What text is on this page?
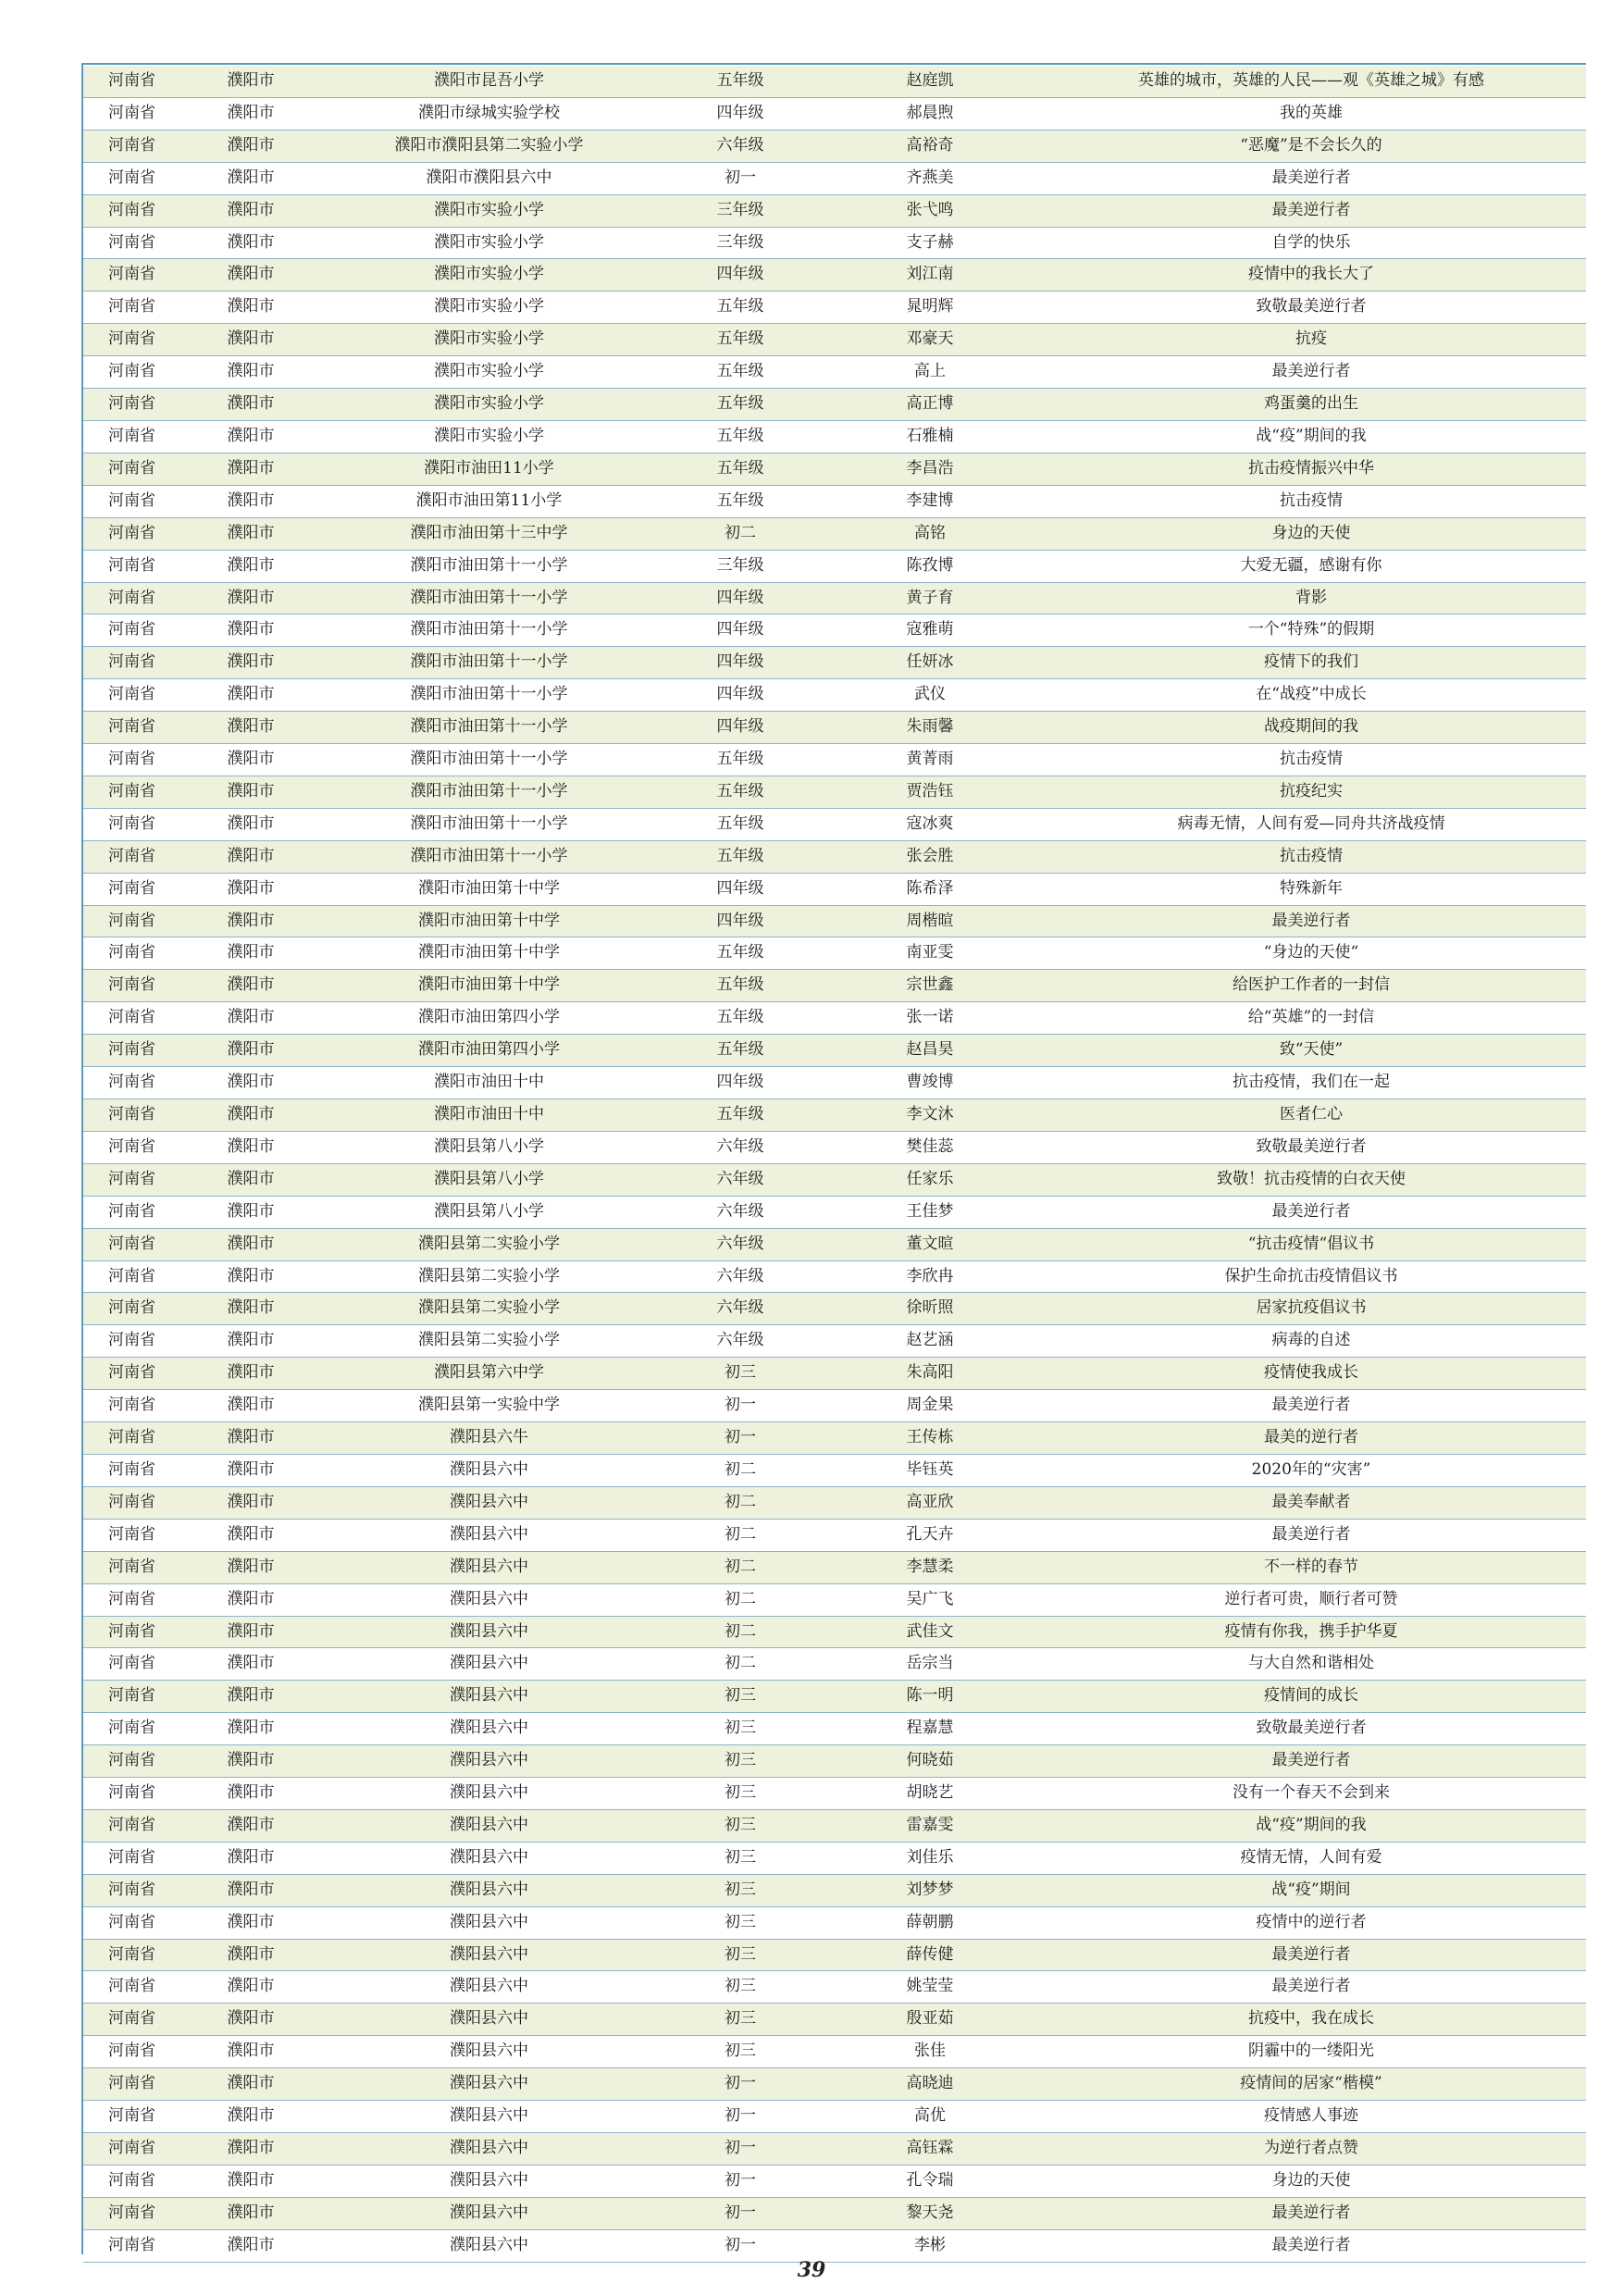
河南省	濮阳市	濮阳市昆吾小学	五年级	赵庭凯	英雄的城市，英雄的人民——观《英雄之城》有感
河南省	濮阳市	濮阳市绿城实验学校	四年级	郝晨煦	我的英雄
河南省	濮阳市	濮阳市濮阳县第二实验小学	六年级	高裕奇	“恶魔”是不会长久的
河南省	濮阳市	濮阳市濮阳县六中	初一	齐燕美	最美逆行者
河南省	濮阳市	濮阳市实验小学	三年级	张弋鸣	最美逆行者
河南省	濮阳市	濮阳市实验小学	三年级	支子赫	自学的快乐
河南省	濮阳市	濮阳市实验小学	四年级	刘江南	疫情中的我长大了
河南省	濮阳市	濮阳市实验小学	五年级	晁明辉	致敬最美逆行者
河南省	濮阳市	濮阳市实验小学	五年级	邓豪天	抗疫
河南省	濮阳市	濮阳市实验小学	五年级	高上	最美逆行者
河南省	濮阳市	濮阳市实验小学	五年级	高正博	鸡蛋羹的出生
河南省	濮阳市	濮阳市实验小学	五年级	石雅楠	战“疫”期间的我
河南省	濮阳市	濮阳市油田11小学	五年级	李昌浩	抗击疫情振兴中华
河南省	濮阳市	濮阳市油田第11小学	五年级	李建博	抗击疫情
河南省	濮阳市	濮阳市油田第十三中学	初二	高铭	身边的天使
河南省	濮阳市	濮阳市油田第十一小学	三年级	陈孜博	大爱无疆，感谢有你
河南省	濮阳市	濮阳市油田第十一小学	四年级	黄子育	背影
河南省	濮阳市	濮阳市油田第十一小学	四年级	寇雅萌	一个“特殊”的假期
河南省	濮阳市	濮阳市油田第十一小学	四年级	任妍冰	疫情下的我们
河南省	濮阳市	濮阳市油田第十一小学	四年级	武仪	在“战疫”中成长
河南省	濮阳市	濮阳市油田第十一小学	四年级	朱雨馨	战疫期间的我
河南省	濮阳市	濮阳市油田第十一小学	五年级	黄菁雨	抗击疫情
河南省	濮阳市	濮阳市油田第十一小学	五年级	贾浩钰	抗疫纪实
河南省	濮阳市	濮阳市油田第十一小学	五年级	寇冰爽	病毒无情，人间有爱—同舟共济战疫情
河南省	濮阳市	濮阳市油田第十一小学	五年级	张会胜	抗击疫情
河南省	濮阳市	濮阳市油田第十中学	四年级	陈希泽	特殊新年
河南省	濮阳市	濮阳市油田第十中学	四年级	周楷暄	最美逆行者
河南省	濮阳市	濮阳市油田第十中学	五年级	南亚雯	“身边的天使“
河南省	濮阳市	濮阳市油田第十中学	五年级	宗世鑫	给医护工作者的一封信
河南省	濮阳市	濮阳市油田第四小学	五年级	张一诺	给“英雄”的一封信
河南省	濮阳市	濮阳市油田第四小学	五年级	赵昌昊	致“天使”
河南省	濮阳市	濮阳市油田十中	四年级	曹竣博	抗击疫情，我们在一起
河南省	濮阳市	濮阳市油田十中	五年级	李文沐	医者仁心
河南省	濮阳市	濮阳县第八小学	六年级	樊佳蕊	致敬最美逆行者
河南省	濮阳市	濮阳县第八小学	六年级	任家乐	致敬！抗击疫情的白衣天使
河南省	濮阳市	濮阳县第八小学	六年级	王佳梦	最美逆行者
河南省	濮阳市	濮阳县第二实验小学	六年级	董文暄	“抗击疫情“倡议书
河南省	濮阳市	濮阳县第二实验小学	六年级	李欣冉	保护生命抗击疫情倡议书
河南省	濮阳市	濮阳县第二实验小学	六年级	徐昕照	居家抗疫倡议书
河南省	濮阳市	濮阳县第二实验小学	六年级	赵艺涵	病毒的自述
河南省	濮阳市	濮阳县第六中学	初三	朱高阳	疫情使我成长
河南省	濮阳市	濮阳县第一实验中学	初一	周金果	最美逆行者
河南省	濮阳市	濮阳县六牛	初一	王传栋	最美的逆行者
河南省	濮阳市	濮阳县六中	初二	毕钰英	2020年的“灾害”
河南省	濮阳市	濮阳县六中	初二	高亚欣	最美奉献者
河南省	濮阳市	濮阳县六中	初二	孔天卉	最美逆行者
河南省	濮阳市	濮阳县六中	初二	李慧柔	不一样的春节
河南省	濮阳市	濮阳县六中	初二	吴广飞	逆行者可贵，顺行者可赞
河南省	濮阳市	濮阳县六中	初二	武佳文	疫情有你我，携手护华夏
河南省	濮阳市	濮阳县六中	初二	岳宗当	与大自然和谐相处
河南省	濮阳市	濮阳县六中	初三	陈一明	疫情间的成长
河南省	濮阳市	濮阳县六中	初三	程嘉慧	致敬最美逆行者
河南省	濮阳市	濮阳县六中	初三	何晓茹	最美逆行者
河南省	濮阳市	濮阳县六中	初三	胡晓艺	没有一个春天不会到来
河南省	濮阳市	濮阳县六中	初三	雷嘉雯	战“疫”期间的我
河南省	濮阳市	濮阳县六中	初三	刘佳乐	疫情无情，人间有爱
河南省	濮阳市	濮阳县六中	初三	刘梦梦	战“疫”期间
河南省	濮阳市	濮阳县六中	初三	薛朝鹏	疫情中的逆行者
河南省	濮阳市	濮阳县六中	初三	薛传健	最美逆行者
河南省	濮阳市	濮阳县六中	初三	姚莹莹	最美逆行者
河南省	濮阳市	濮阳县六中	初三	殷亚茹	抗疫中，我在成长
河南省	濮阳市	濮阳县六中	初三	张佳	阴霾中的一缕阳光
河南省	濮阳市	濮阳县六中	初一	高晓迪	疫情间的居家“楷模”
河南省	濮阳市	濮阳县六中	初一	高优	疫情感人事迹
河南省	濮阳市	濮阳县六中	初一	高钰霖	为逆行者点赞
河南省	濮阳市	濮阳县六中	初一	孔令瑞	身边的天使
河南省	濮阳市	濮阳县六中	初一	黎天尧	最美逆行者
河南省	濮阳市	濮阳县六中	初一	李彬	最美逆行者
39
